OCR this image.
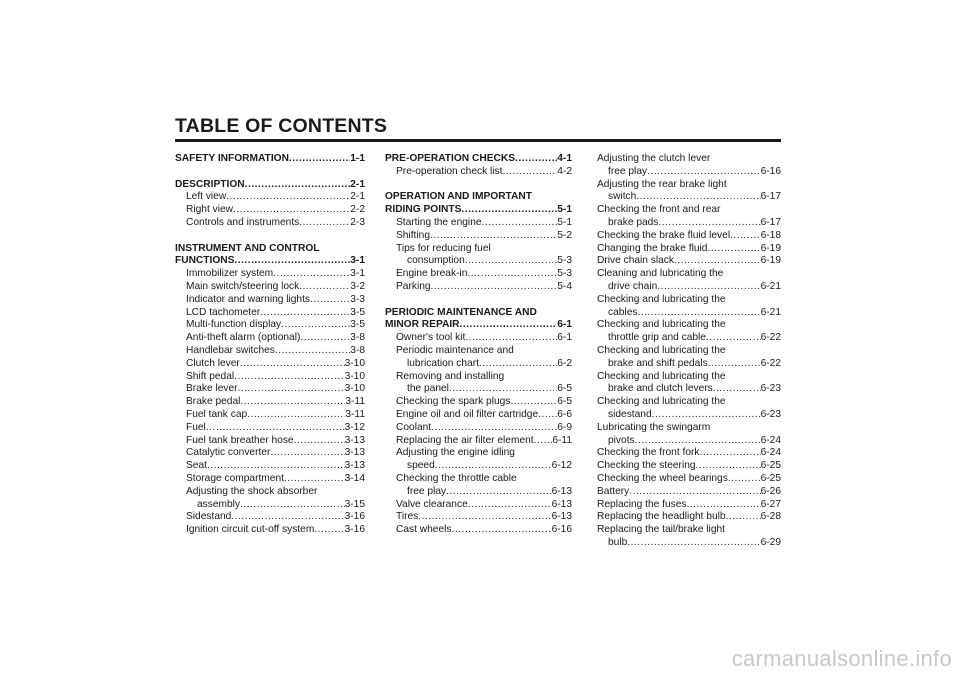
TABLE OF CONTENTS
SAFETY INFORMATION .....	1-1
DESCRIPTION .....	2-1
Left view .....	2-1
Right view .....	2-2
Controls and instruments .....	2-3
INSTRUMENT AND CONTROL
FUNCTIONS .....	3-1
Immobilizer system .....	3-1
Main switch/steering lock .....	3-2
Indicator and warning lights .....	3-3
LCD tachometer .....	3-5
Multi-function display .....	3-5
Anti-theft alarm (optional) .....	3-8
Handlebar switches .....	3-8
Clutch lever .....	3-10
Shift pedal .....	3-10
Brake lever .....	3-10
Brake pedal .....	3-11
Fuel tank cap .....	3-11
Fuel .....	3-12
Fuel tank breather hose .....	3-13
Catalytic converter .....	3-13
Seat .....	3-13
Storage compartment .....	3-14
Adjusting the shock absorber
assembly .....	3-15
Sidestand .....	3-16
Ignition circuit cut-off system .....	3-16
PRE-OPERATION CHECKS .....	4-1
Pre-operation check list .....	4-2
OPERATION AND IMPORTANT
RIDING POINTS .....	5-1
Starting the engine .....	5-1
Shifting .....	5-2
Tips for reducing fuel
consumption .....	5-3
Engine break-in .....	5-3
Parking .....	5-4
PERIODIC MAINTENANCE AND
MINOR REPAIR .....	6-1
Owner's tool kit .....	6-1
Periodic maintenance and
lubrication chart .....	6-2
Removing and installing
the panel .....	6-5
Checking the spark plugs .....	6-5
Engine oil and oil filter cartridge ..... 6-6
Coolant .....	6-9
Replacing the air filter element ..... 6-11
Adjusting the engine idling
speed .....	6-12
Checking the throttle cable
free play .....	6-13
Valve clearance .....	6-13
Tires .....	6-13
Cast wheels .....	6-16
Adjusting the clutch lever
free play .....	6-16
Adjusting the rear brake light
switch .....	6-17
Checking the front and rear
brake pads .....	6-17
Checking the brake fluid level .....	6-18
Changing the brake fluid .....	6-19
Drive chain slack .....	6-19
Cleaning and lubricating the
drive chain .....	6-21
Checking and lubricating the
cables .....	6-21
Checking and lubricating the
throttle grip and cable .....	6-22
Checking and lubricating the
brake and shift pedals .....	6-22
Checking and lubricating the
brake and clutch levers .....	6-23
Checking and lubricating the
sidestand .....	6-23
Lubricating the swingarm
pivots .....	6-24
Checking the front fork .....	6-24
Checking the steering .....	6-25
Checking the wheel bearings .....	6-25
Battery .....	6-26
Replacing the fuses .....	6-27
Replacing the headlight bulb .....	6-28
Replacing the tail/brake light
bulb .....	6-29
carmanualsonline.info
